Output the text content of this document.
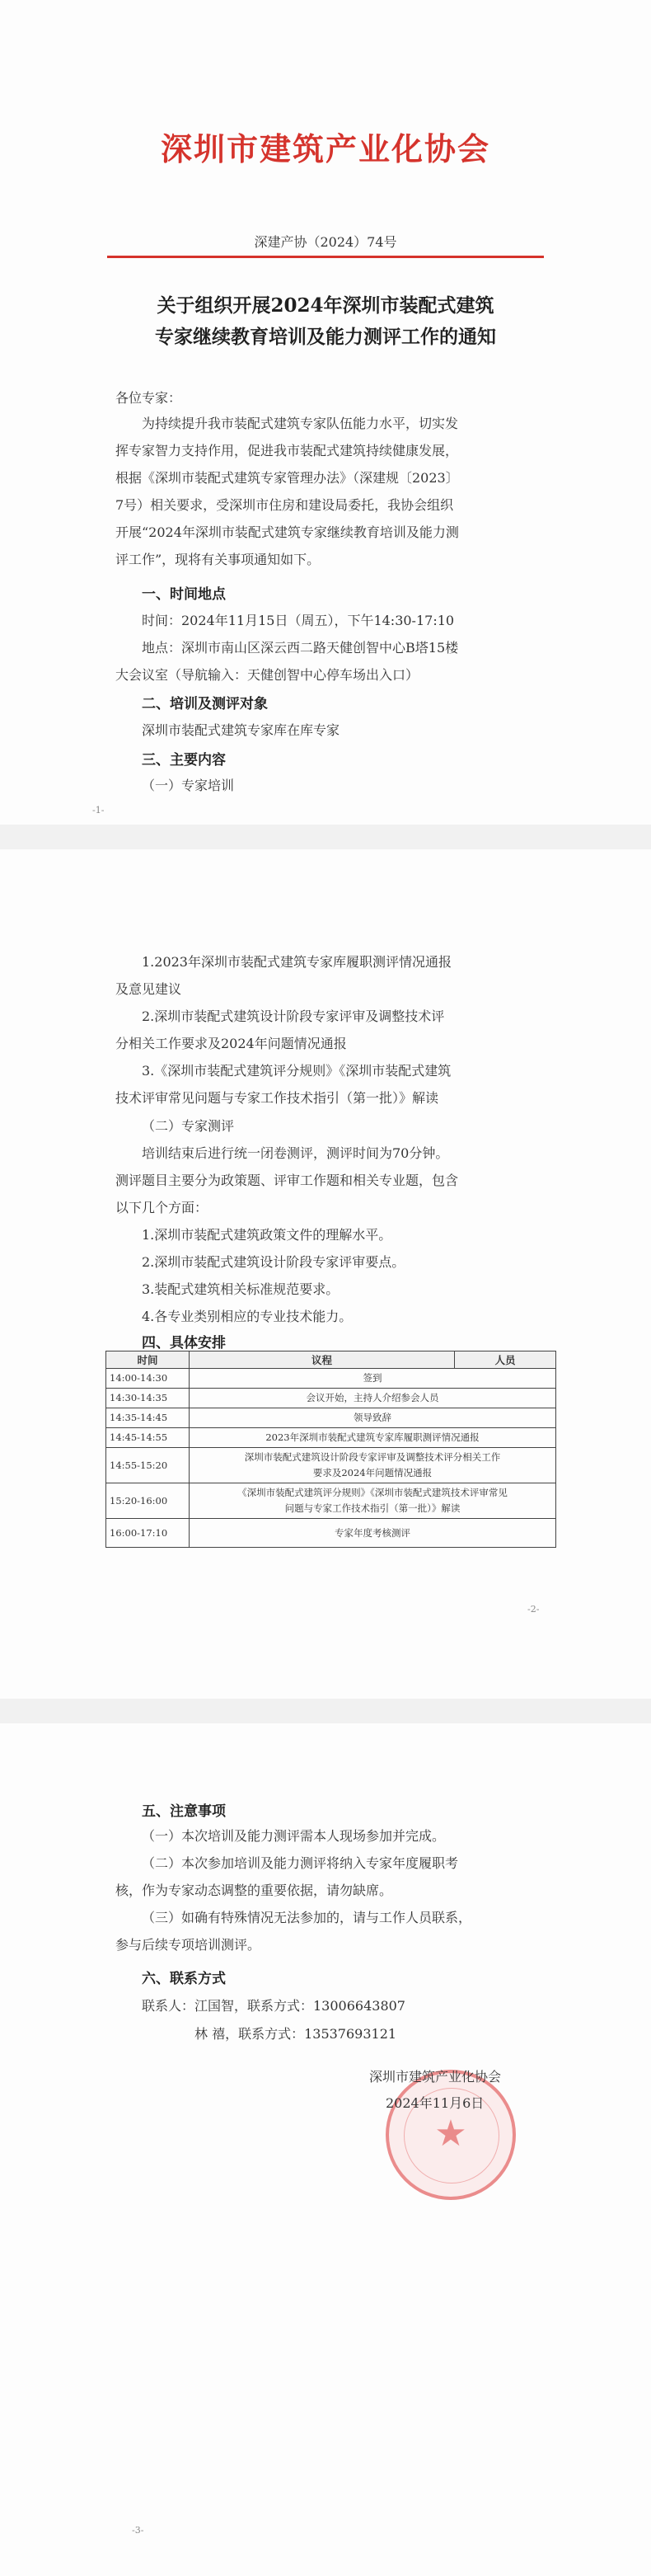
深圳市建筑产业化协会
深建产协（2024）74号
关于组织开展2024年深圳市装配式建筑
专家继续教育培训及能力测评工作的通知
各位专家：
为持续提升我市装配式建筑专家队伍能力水平，切实发
挥专家智力支持作用，促进我市装配式建筑持续健康发展，
根据《深圳市装配式建筑专家管理办法》（深建规〔2023〕
7号）相关要求，受深圳市住房和建设局委托，我协会组织
开展“2024年深圳市装配式建筑专家继续教育培训及能力测
评工作”，现将有关事项通知如下。
一、时间地点
时间：2024年11月15日（周五），下午14:30-17:10
地点：深圳市南山区深云西二路天健创智中心B塔15楼
大会议室（导航输入：天健创智中心停车场出入口）
二、培训及测评对象
深圳市装配式建筑专家库在库专家
三、主要内容
（一）专家培训
-1-
1.2023年深圳市装配式建筑专家库履职测评情况通报
及意见建议
2.深圳市装配式建筑设计阶段专家评审及调整技术评
分相关工作要求及2024年问题情况通报
3.《深圳市装配式建筑评分规则》《深圳市装配式建筑
技术评审常见问题与专家工作技术指引（第一批）》解读
（二）专家测评
培训结束后进行统一闭卷测评，测评时间为70分钟。
测评题目主要分为政策题、评审工作题和相关专业题，包含
以下几个方面：
1.深圳市装配式建筑政策文件的理解水平。
2.深圳市装配式建筑设计阶段专家评审要点。
3.装配式建筑相关标准规范要求。
4.各专业类别相应的专业技术能力。
四、具体安排
时间	议程	人员
14:00-14:30	签到	

14:30-14:35	会议开始，主持人介绍参会人员	

14:35-14:45	领导致辞	

14:45-14:55	2023年深圳市装配式建筑专家库履职测评情况通报	

14:55-15:20	深圳市装配式建筑设计阶段专家评审及调整技术评分相关工作
要求及2024年问题情况通报	

15:20-16:00	《深圳市装配式建筑评分规则》《深圳市装配式建筑技术评审常见
问题与专家工作技术指引（第一批）》解读	

16:00-17:10	专家年度考核测评	
-2-
五、注意事项
（一）本次培训及能力测评需本人现场参加并完成。
（二）本次参加培训及能力测评将纳入专家年度履职考
核，作为专家动态调整的重要依据，请勿缺席。
（三）如确有特殊情况无法参加的，请与工作人员联系，
参与后续专项培训测评。
六、联系方式
联系人：江国智，联系方式：13006643807
林 禧，联系方式：13537693121
★
深圳市建筑产业化协会
2024年11月6日
-3-
